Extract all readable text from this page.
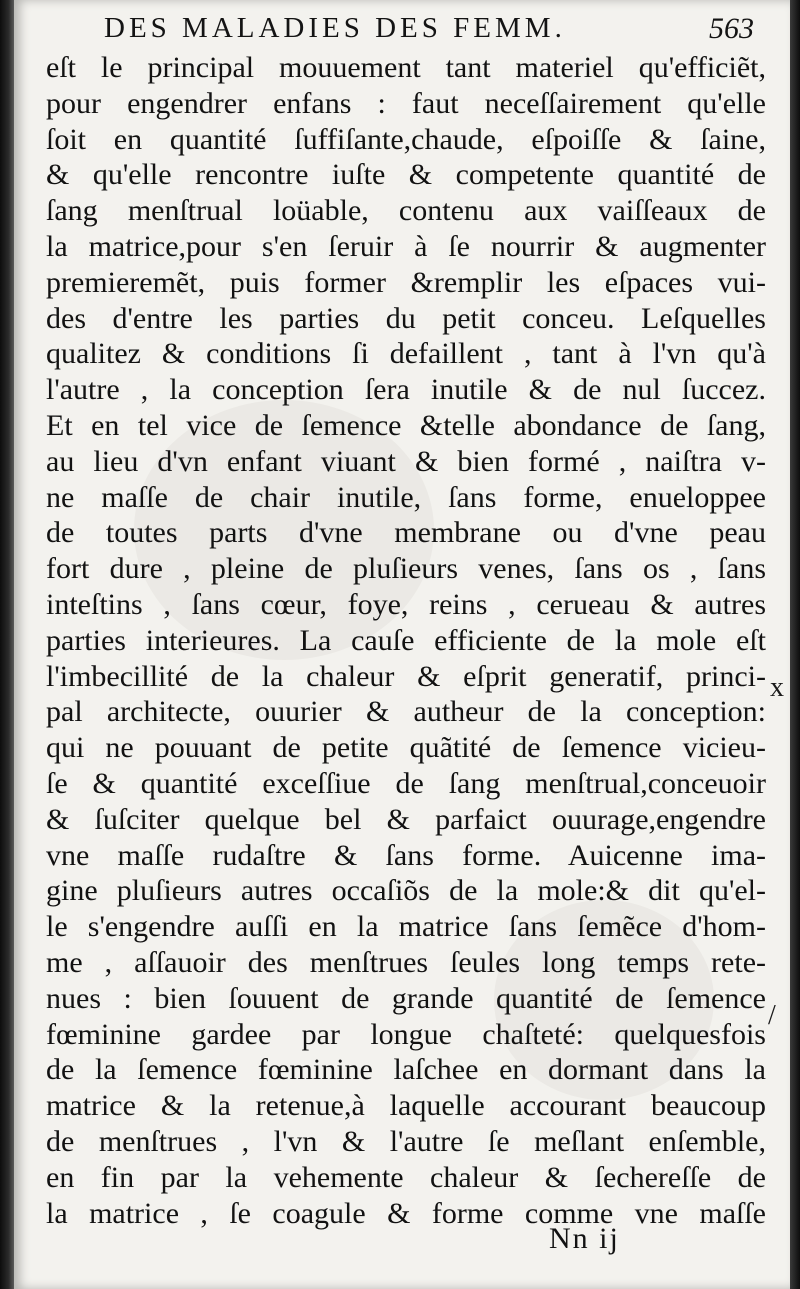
DES MALADIES DES FEMM.	563
eſt le principal mouuement tant materiel qu'efficiẽt,
pour engendrer enfans : faut neceſſairement qu'elle
ſoit en quantité ſuffiſante,chaude, eſpoiſſe & ſaine,
& qu'elle rencontre iuſte & competente quantité de
ſang menſtrual loüable, contenu aux vaiſſeaux de
la matrice,pour s'en ſeruir à ſe nourrir & augmenter
premieremẽt, puis former &remplir les eſpaces vui-
des d'entre les parties du petit conceu. Leſquelles
qualitez & conditions ſi defaillent , tant à l'vn qu'à
l'autre , la conception ſera inutile & de nul ſuccez.
Et en tel vice de ſemence &telle abondance de ſang,
au lieu d'vn enfant viuant & bien formé , naiſtra v-
ne maſſe de chair inutile, ſans forme, enueloppee
de toutes parts d'vne membrane ou d'vne peau
fort dure , pleine de pluſieurs venes, ſans os , ſans
inteſtins , ſans cœur, foye, reins , cerueau & autres
parties interieures. La cauſe efficiente de la mole eſt
l'imbecillité de la chaleur & eſprit generatif, princi-
pal architecte, ouurier & autheur de la conception:
qui ne pouuant de petite quãtité de ſemence vicieu-
ſe & quantité exceſſiue de ſang menſtrual,conceuoir
& ſuſciter quelque bel & parfaict ouurage,engendre
vne maſſe rudaſtre & ſans forme. Auicenne ima-
gine pluſieurs autres occaſiõs de la mole:& dit qu'el-
le s'engendre auſſi en la matrice ſans ſemẽce d'hom-
me , aſſauoir des menſtrues ſeules long temps rete-
nues : bien ſouuent de grande quantité de ſemence
fœminine gardee par longue chaſteté: quelquesfois
de la ſemence fœminine laſchee en dormant dans la
matrice & la retenue,à laquelle accourant beaucoup
de menſtrues , l'vn & l'autre ſe meſlant enſemble,
en fin par la vehemente chaleur & ſechereſſe de
la matrice , ſe coagule & forme comme vne maſſe
Nn ij
x
/
